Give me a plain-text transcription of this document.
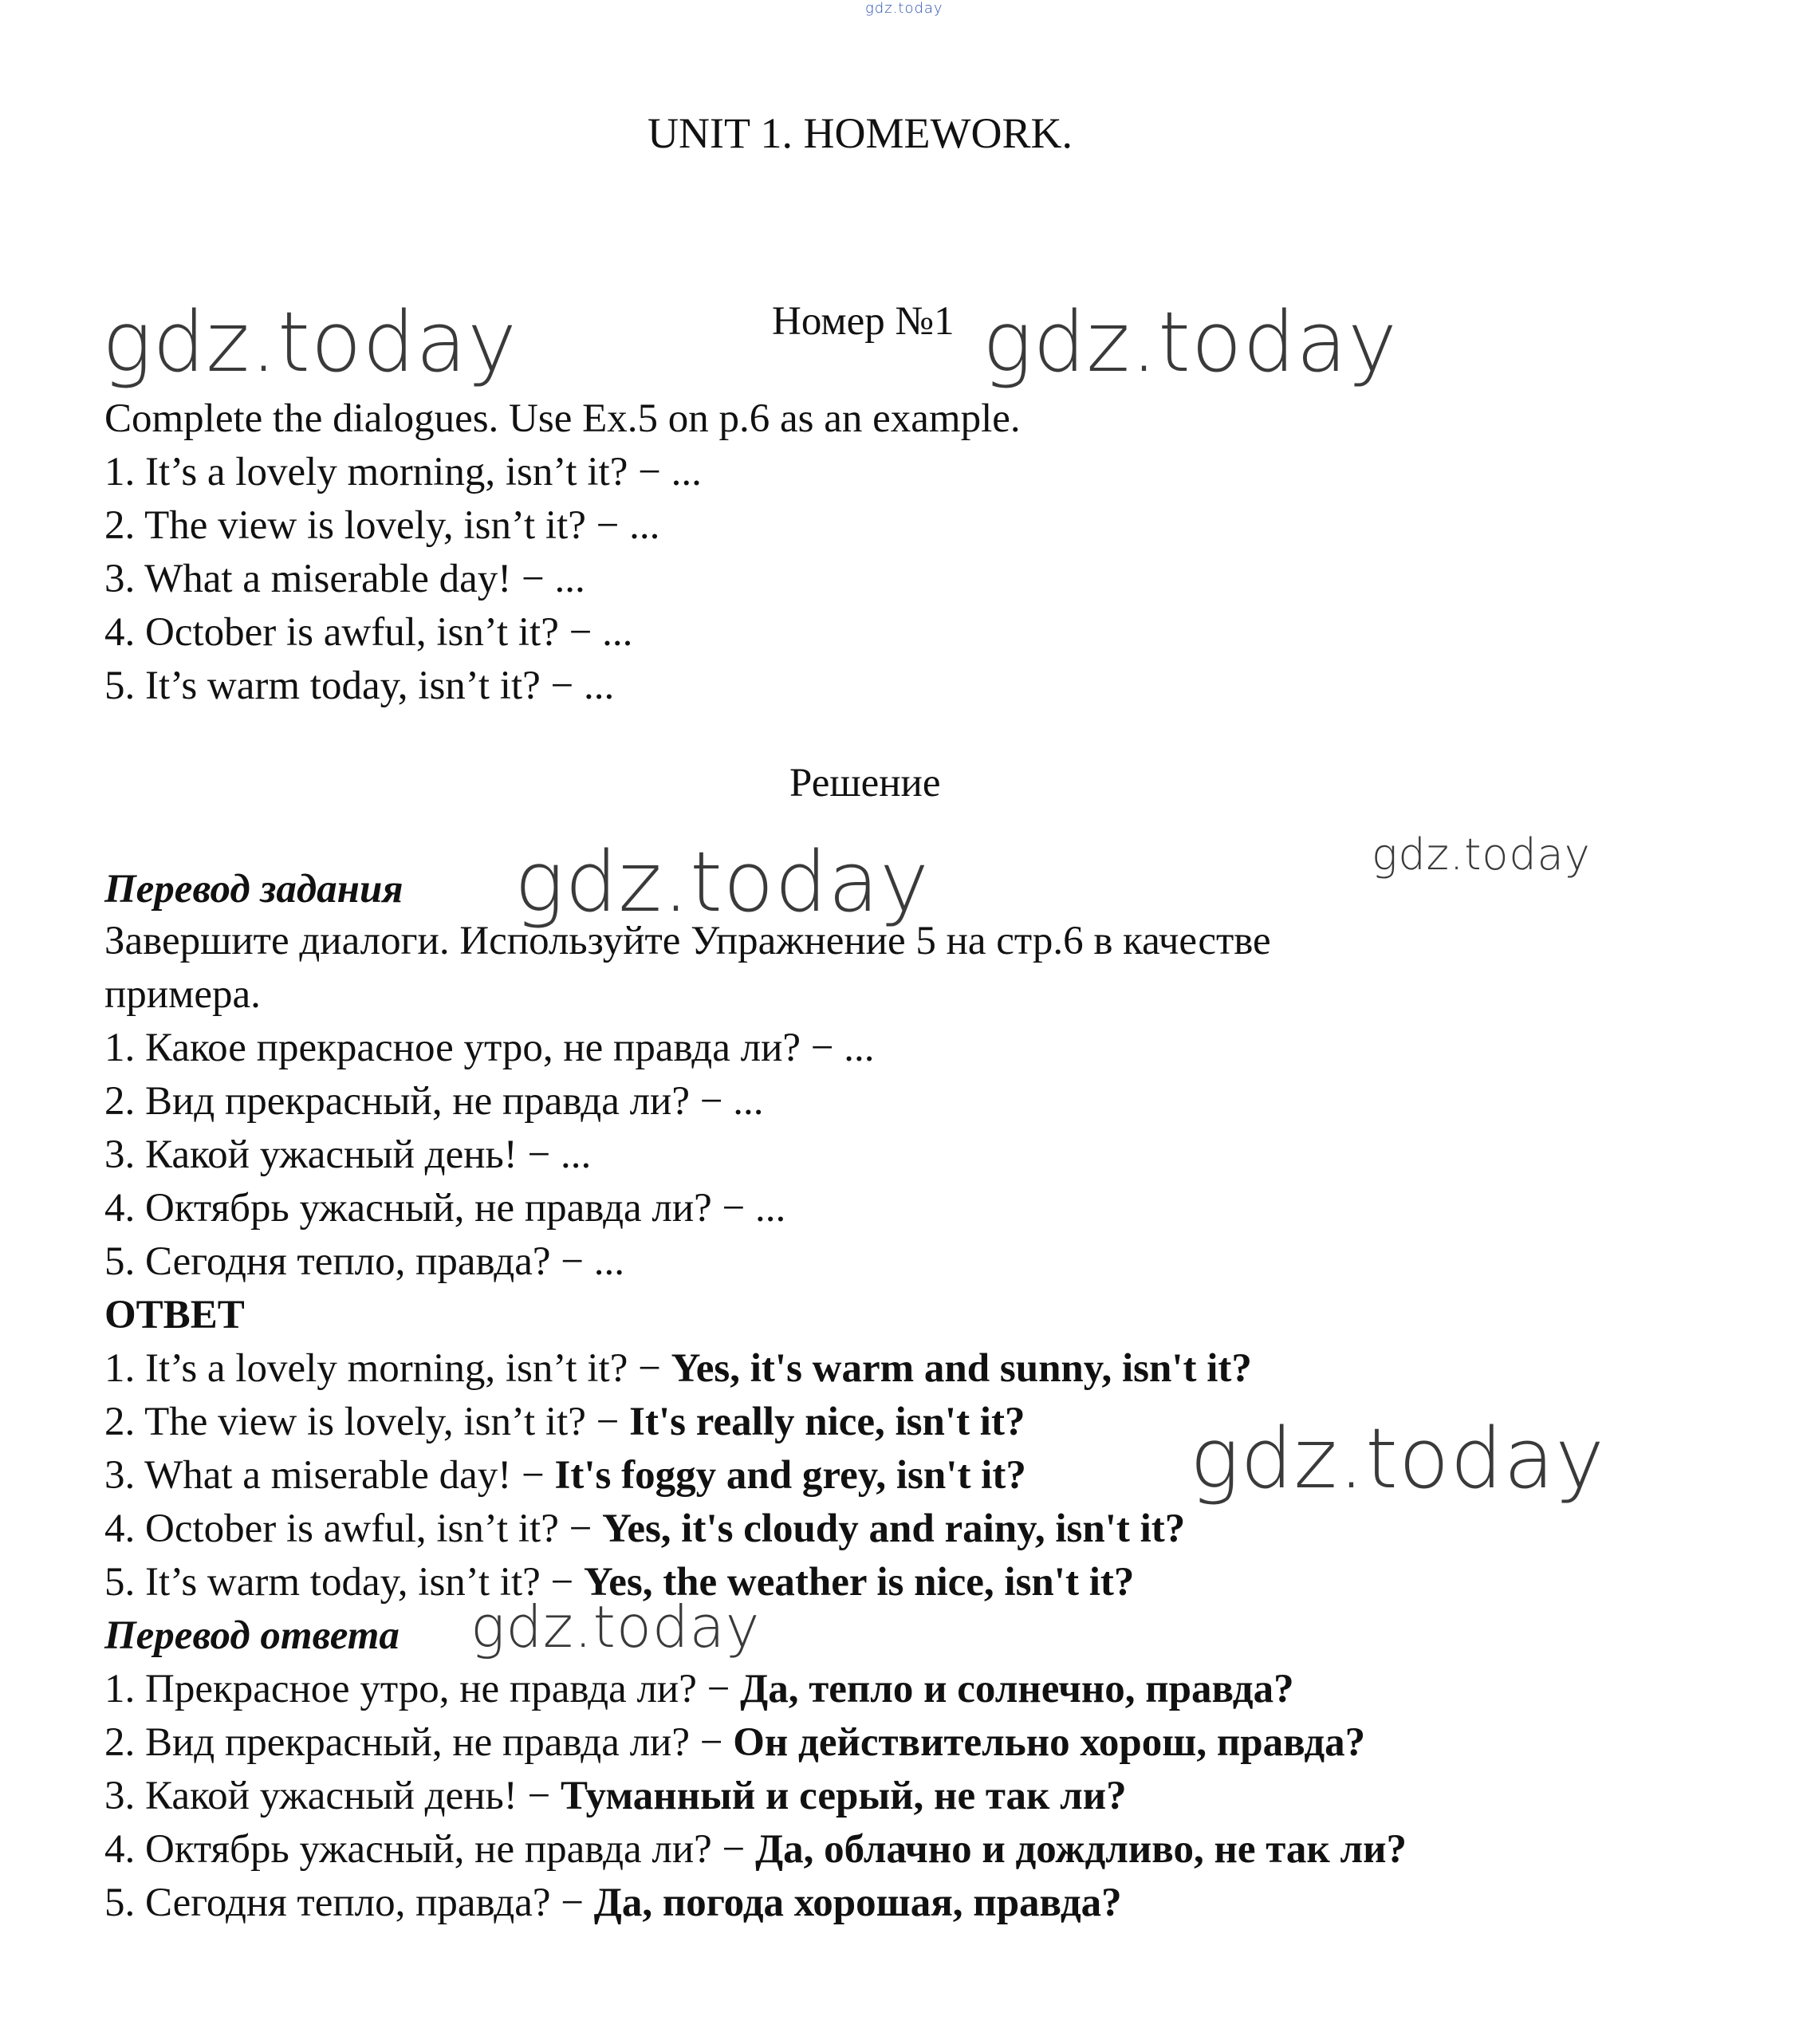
gdz.today
UNIT 1. HOMEWORK.
gdz.today	gdz.today
Номер №1
Complete the dialogues. Use Ex.5 on p.6 as an example.
1. It’s a lovely morning, isn’t it? − ...
2. The view is lovely, isn’t it? − ...
3. What a miserable day! − ...
4. October is awful, isn’t it? − ...
5. It’s warm today, isn’t it? − ...
Решение
gdz.today	gdz.today
Перевод задания
Завершите диалоги. Используйте Упражнение 5 на стр.6 в качестве
примера.
1. Какое прекрасное утро, не правда ли? − ...
2. Вид прекрасный, не правда ли? − ...
3. Какой ужасный день! − ...
4. Октябрь ужасный, не правда ли? − ...
5. Сегодня тепло, правда? − ...
ОТВЕТ
1. It’s a lovely morning, isn’t it? − Yes, it's warm and sunny, isn't it?
2. The view is lovely, isn’t it? − It's really nice, isn't it?
3. What a miserable day! − It's foggy and grey, isn't it?
4. October is awful, isn’t it? − Yes, it's cloudy and rainy, isn't it?
5. It’s warm today, isn’t it? − Yes, the weather is nice, isn't it?
gdz.today
Перевод ответа gdz.today
1. Прекрасное утро, не правда ли? − Да, тепло и солнечно, правда?
2. Вид прекрасный, не правда ли? − Он действительно хорош, правда?
3. Какой ужасный день! − Туманный и серый, не так ли?
4. Октябрь ужасный, не правда ли? − Да, облачно и дождливо, не так ли?
5. Сегодня тепло, правда? − Да, погода хорошая, правда?
